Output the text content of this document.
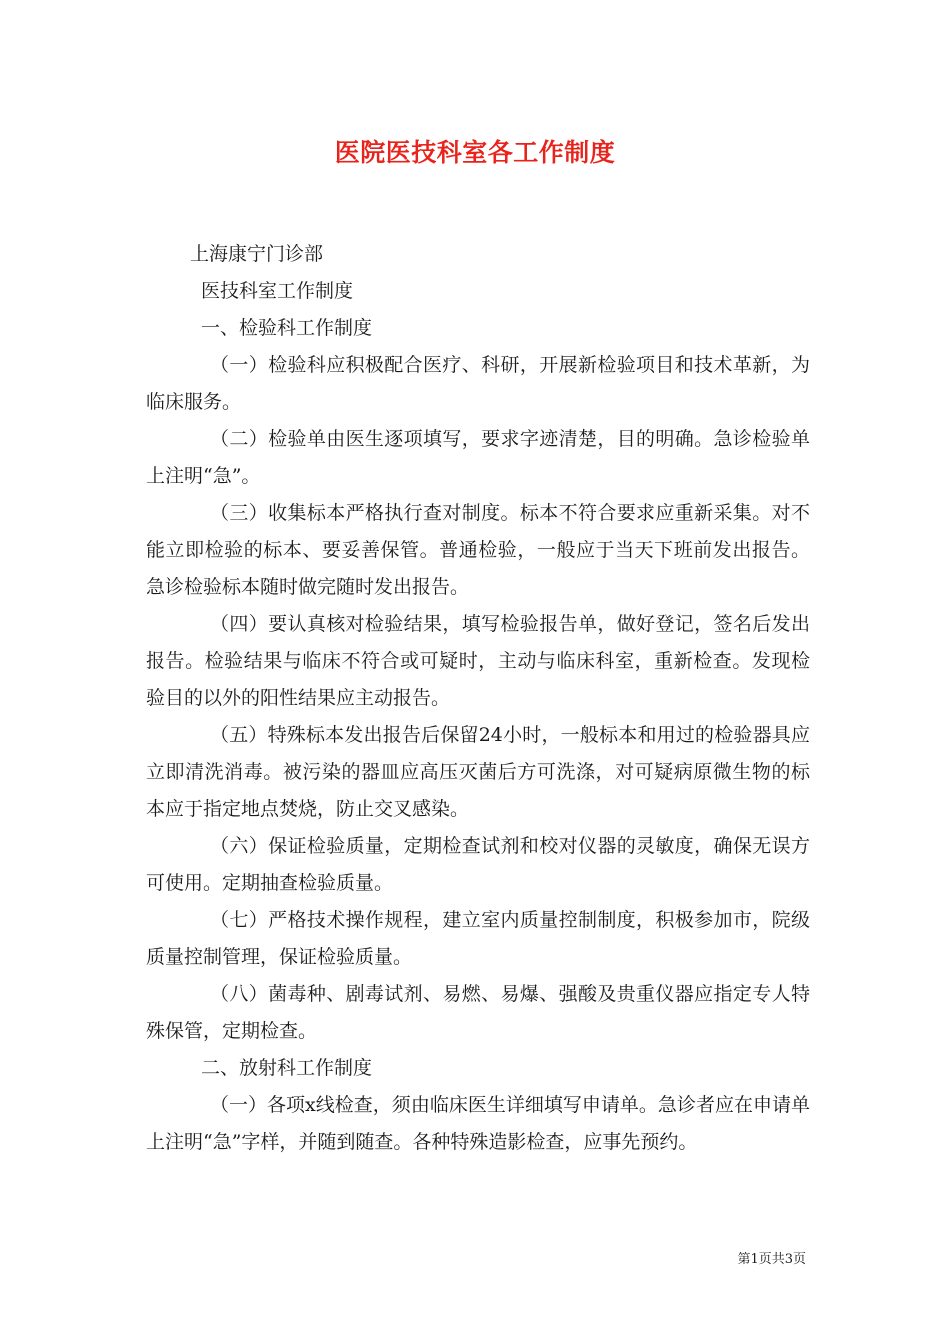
医院医技科室各工作制度

上海康宁门诊部

医技科室工作制度

一、检验科工作制度

（一）检验科应积极配合医疗、科研，开展新检验项目和技术革新，为临床服务。

（二）检验单由医生逐项填写，要求字迹清楚，目的明确。急诊检验单上注明“急”。

（三）收集标本严格执行查对制度。标本不符合要求应重新采集。对不能立即检验的标本、要妥善保管。普通检验，一般应于当天下班前发出报告。急诊检验标本随时做完随时发出报告。

（四）要认真核对检验结果，填写检验报告单，做好登记，签名后发出报告。检验结果与临床不符合或可疑时，主动与临床科室，重新检查。发现检验目的以外的阳性结果应主动报告。

（五）特殊标本发出报告后保留24小时，一般标本和用过的检验器具应立即清洗消毒。被污染的器皿应高压灭菌后方可洗涤，对可疑病原微生物的标本应于指定地点焚烧，防止交叉感染。

（六）保证检验质量，定期检查试剂和校对仪器的灵敏度，确保无误方可使用。定期抽查检验质量。

（七）严格技术操作规程，建立室内质量控制制度，积极参加市，院级质量控制管理，保证检验质量。

（八）菌毒种、剧毒试剂、易燃、易爆、强酸及贵重仪器应指定专人特殊保管，定期检查。

二、放射科工作制度

（一）各项x线检查，须由临床医生详细填写申请单。急诊者应在申请单上注明“急”字样，并随到随查。各种特殊造影检查，应事先预约。

第1页共3页
